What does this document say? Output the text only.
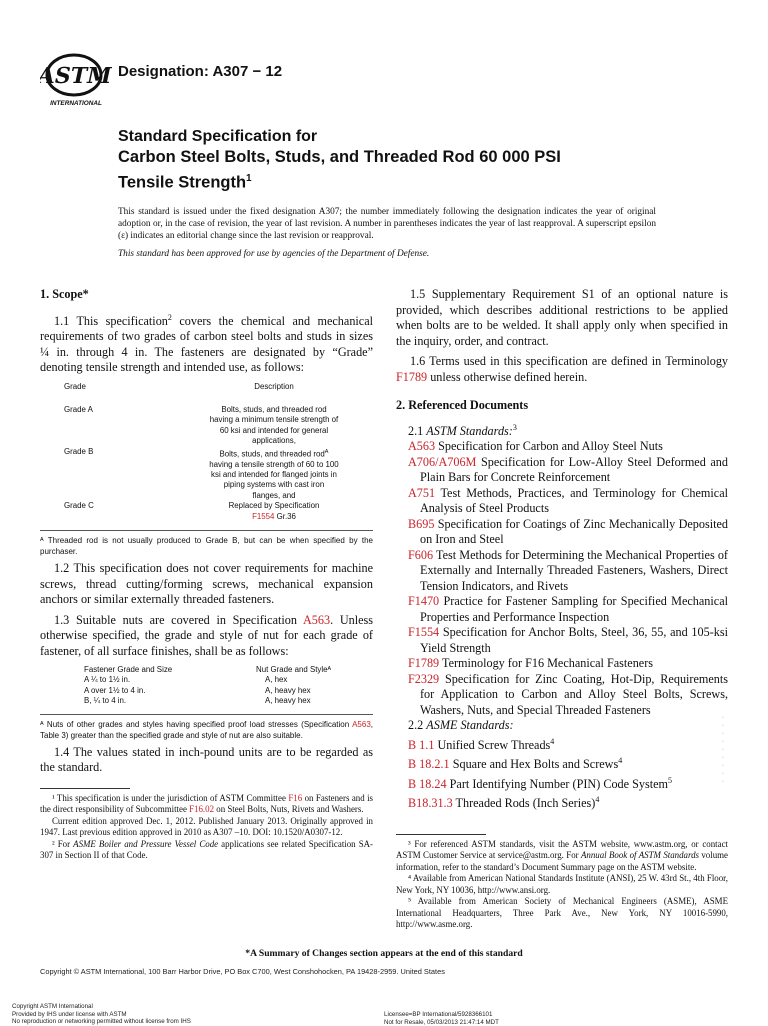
ASTM
INTERNATIONAL
Designation: A307 − 12
Standard Specification for
Carbon Steel Bolts, Studs, and Threaded Rod 60 000 PSI
Tensile Strength$^1$
This standard is issued under the fixed designation A307; the number immediately following the designation indicates the year of original adoption or, in the case of revision, the year of last revision. A number in parentheses indicates the year of last reapproval. A superscript epsilon (ε) indicates an editorial change since the last revision or reapproval.
This standard has been approved for use by agencies of the Department of Defense.
1. Scope*

1.1 This specification$^2$ covers the chemical and mechanical requirements of two grades of carbon steel bolts and studs in sizes ¼ in. through 4 in. The fasteners are designated by “Grade” denoting tensile strength and intended use, as follows:

Grade	Description
Grade A	Bolts, studs, and threaded rod having a minimum tensile strength of 60 ksi and intended for general applications,
Grade B	Bolts, studs, and threaded rod$^A$ having a tensile strength of 60 to 100 ksi and intended for flanged joints in piping systems with cast iron flanges, and
Grade C	Replaced by Specification
F1554 Gr.36
ᴬ Threaded rod is not usually produced to Grade B, but can be when specified by the purchaser.

1.2 This specification does not cover requirements for machine screws, thread cutting/forming screws, mechanical expansion anchors or similar externally threaded fasteners.

1.3 Suitable nuts are covered in Specification A563. Unless otherwise specified, the grade and style of nut for each grade of fastener, of all surface finishes, shall be as follows:

Fastener Grade and Size	Nut Grade and Styleᴬ
A ¼ to 1½ in.	A, hex
A over 1½ to 4 in.	A, heavy hex
B, ¼ to 4 in.	A, heavy hex
ᴬ Nuts of other grades and styles having specified proof load stresses (Specification A563, Table 3) greater than the specified grade and style of nut are also suitable.

1.4 The values stated in inch-pound units are to be regarded as the standard.

¹ This specification is under the jurisdiction of ASTM Committee F16 on Fasteners and is the direct responsibility of Subcommittee F16.02 on Steel Bolts, Nuts, Rivets and Washers.

Current edition approved Dec. 1, 2012. Published January 2013. Originally approved in 1947. Last previous edition approved in 2010 as A307 –10. DOI: 10.1520/A0307-12.

² For ASME Boiler and Pressure Vessel Code applications see related Specification SA-307 in Section II of that Code.

1.5 Supplementary Requirement S1 of an optional nature is provided, which describes additional restrictions to be applied when bolts are to be welded. It shall apply only when specified in the inquiry, order, and contract.

1.6 Terms used in this specification are defined in Terminology F1789 unless otherwise defined herein.

2. Referenced Documents
2.1 ASTM Standards:$^3$
A563 Specification for Carbon and Alloy Steel Nuts
A706/A706M Specification for Low-Alloy Steel Deformed and Plain Bars for Concrete Reinforcement
A751 Test Methods, Practices, and Terminology for Chemical Analysis of Steel Products
B695 Specification for Coatings of Zinc Mechanically Deposited on Iron and Steel
F606 Test Methods for Determining the Mechanical Properties of Externally and Internally Threaded Fasteners, Washers, Direct Tension Indicators, and Rivets
F1470 Practice for Fastener Sampling for Specified Mechanical Properties and Performance Inspection
F1554 Specification for Anchor Bolts, Steel, 36, 55, and 105-ksi Yield Strength
F1789 Terminology for F16 Mechanical Fasteners
F2329 Specification for Zinc Coating, Hot-Dip, Requirements for Application to Carbon and Alloy Steel Bolts, Screws, Washers, Nuts, and Special Threaded Fasteners
2.2 ASME Standards:
B 1.1 Unified Screw Threads$^4$
B 18.2.1 Square and Hex Bolts and Screws$^4$
B 18.24 Part Identifying Number (PIN) Code System$^5$
B18.31.3 Threaded Rods (Inch Series)$^4$

³ For referenced ASTM standards, visit the ASTM website, www.astm.org, or contact ASTM Customer Service at service@astm.org. For Annual Book of ASTM Standards volume information, refer to the standard’s Document Summary page on the ASTM website.

⁴ Available from American National Standards Institute (ANSI), 25 W. 43rd St., 4th Floor, New York, NY 10036, http://www.ansi.org.

⁵ Available from American Society of Mechanical Engineers (ASME), ASME International Headquarters, Three Park Ave., New York, NY 10016-5990, http://www.asme.org.

·
·
·
·
·
·
·
·
·
*A Summary of Changes section appears at the end of this standard
Copyright © ASTM International, 100 Barr Harbor Drive, PO Box C700, West Conshohocken, PA 19428-2959. United States
Copyright ASTM International
Provided by IHS under license with ASTM
No reproduction or networking permitted without license from IHS
Licensee=BP International/5928366101
Not for Resale, 05/03/2013 21:47:14 MDT
